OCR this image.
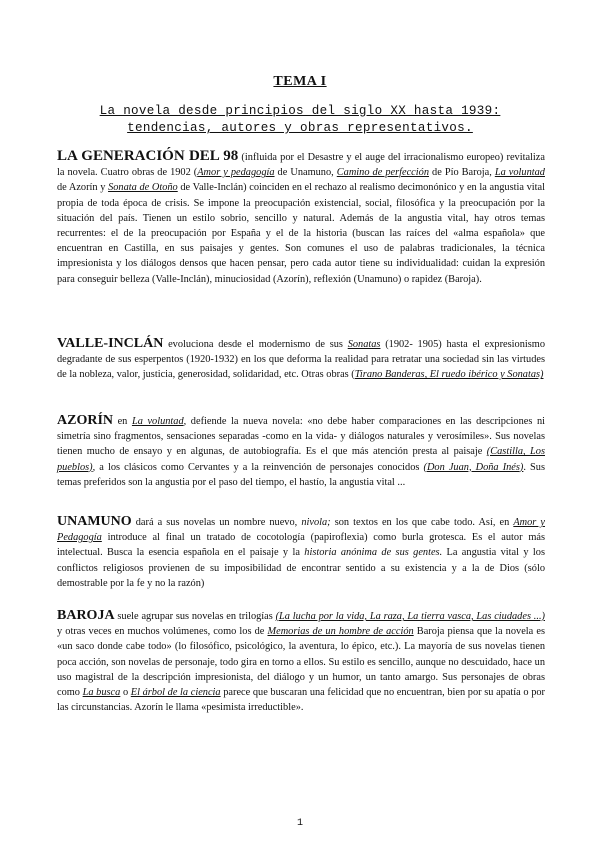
TEMA I
La novela desde principios del siglo XX hasta 1939: tendencias, autores y obras representativos.
LA GENERACIÓN DEL 98 (influida por el Desastre y el auge del irracionalismo europeo) revitaliza la novela. Cuatro obras de 1902 (Amor y pedagogía de Unamuno, Camino de perfección de Pío Baroja, La voluntad de Azorín y Sonata de Otoño de Valle-Inclán) coinciden en el rechazo al realismo decimonónico y en la angustia vital propia de toda época de crisis. Se impone la preocupación existencial, social, filosófica y la preocupación por la situación del país. Tienen un estilo sobrio, sencillo y natural. Además de la angustia vital, hay otros temas recurrentes: el de la preocupación por España y el de la historia (buscan las raíces del «alma española» que encuentran en Castilla, en sus paisajes y gentes. Son comunes el uso de palabras tradicionales, la técnica impresionista y los diálogos densos que hacen pensar, pero cada autor tiene su individualidad: cuidan la expresión para conseguir belleza (Valle-Inclán), minuciosidad (Azorín), reflexión (Unamuno) o rapidez (Baroja).
VALLE-INCLÁN evoluciona desde el modernismo de sus Sonatas (1902- 1905) hasta el expresionismo degradante de sus esperpentos (1920-1932) en los que deforma la realidad para retratar una sociedad sin las virtudes de la nobleza, valor, justicia, generosidad, solidaridad, etc. Otras obras (Tirano Banderas, El ruedo ibérico y Sonatas)
AZORÍN en La voluntad, defiende la nueva novela: «no debe haber comparaciones en las descripciones ni simetría sino fragmentos, sensaciones separadas -como en la vida- y diálogos naturales y verosímiles». Sus novelas tienen mucho de ensayo y en algunas, de autobiografía. Es el que más atención presta al paisaje (Castilla, Los pueblos), a los clásicos como Cervantes y a la reinvención de personajes conocidos (Don Juan, Doña Inés). Sus temas preferidos son la angustia por el paso del tiempo, el hastío, la angustia vital ...
UNAMUNO dará a sus novelas un nombre nuevo, nivola; son textos en los que cabe todo. Así, en Amor y Pedagogía introduce al final un tratado de cocotología (papiroflexia) como burla grotesca. Es el autor más intelectual. Busca la esencia española en el paisaje y la historia anónima de sus gentes. La angustia vital y los conflictos religiosos provienen de su imposibilidad de encontrar sentido a su existencia y a la de Dios (sólo demostrable por la fe y no la razón)
BAROJA suele agrupar sus novelas en trilogías (La lucha por la vida, La raza, La tierra vasca, Las ciudades ...) y otras veces en muchos volúmenes, como los de Memorias de un hombre de acción Baroja piensa que la novela es «un saco donde cabe todo» (lo filosófico, psicológico, la aventura, lo épico, etc.). La mayoría de sus novelas tienen poca acción, son novelas de personaje, todo gira en torno a ellos. Su estilo es sencillo, aunque no descuidado, hace un uso magistral de la descripción impresionista, del diálogo y un humor, un tanto amargo. Sus personajes de obras como La busca o El árbol de la ciencia parece que buscaran una felicidad que no encuentran, bien por su apatía o por las circunstancias. Azorín le llama «pesimista irreductible».
1
